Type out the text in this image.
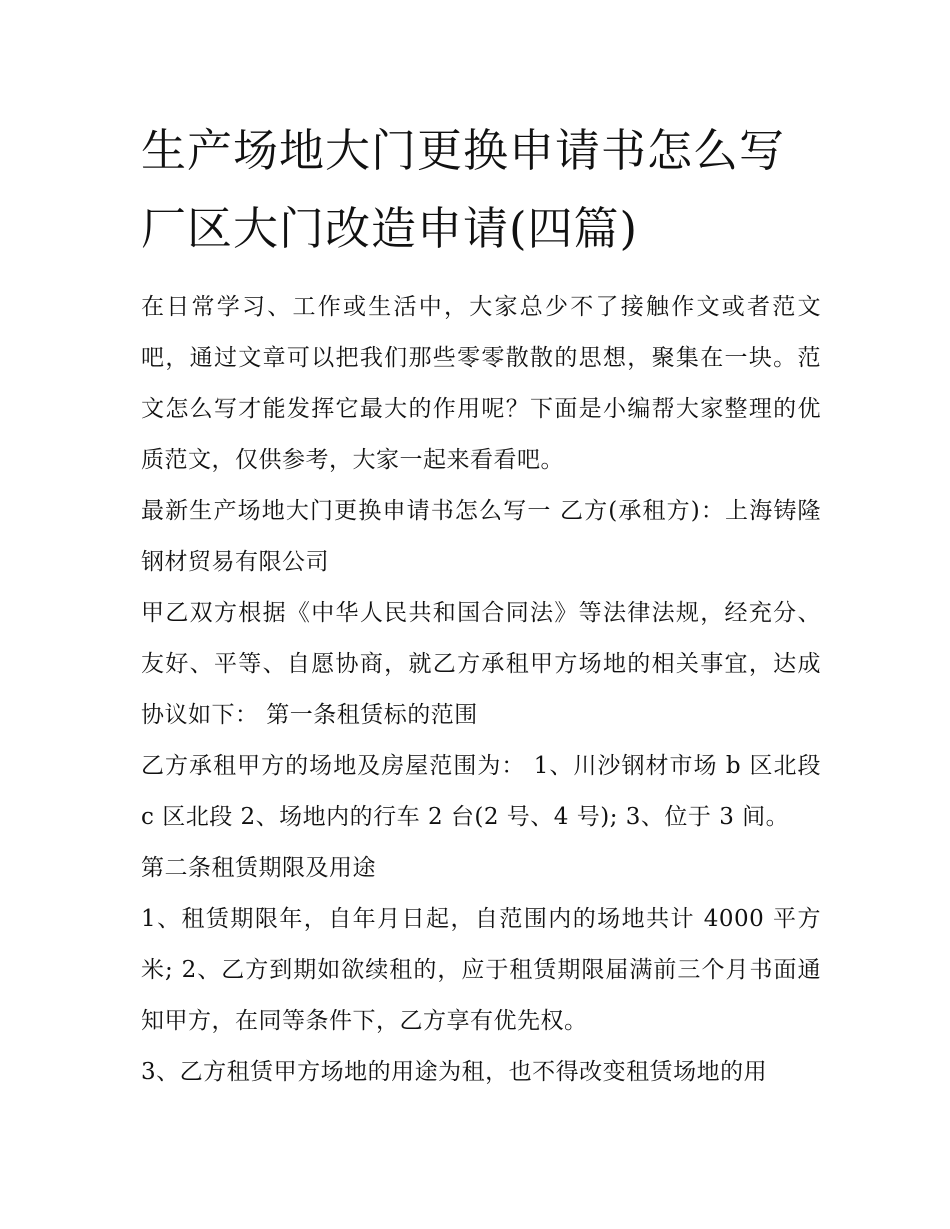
生产场地大门更换申请书怎么写 厂区大门改造申请(四篇)

在日常学习、工作或生活中，大家总少不了接触作文或者范文吧，通过文章可以把我们那些零零散散的思想，聚集在一块。范文怎么写才能发挥它最大的作用呢？下面是小编帮大家整理的优质范文，仅供参考，大家一起来看看吧。

最新生产场地大门更换申请书怎么写一 乙方(承租方)：上海铸隆钢材贸易有限公司

甲乙双方根据《中华人民共和国合同法》等法律法规，经充分、友好、平等、自愿协商，就乙方承租甲方场地的相关事宜，达成协议如下： 第一条租赁标的范围

乙方承租甲方的场地及房屋范围为： 1、川沙钢材市场 b 区北段 c 区北段 2、场地内的行车 2 台(2 号、4 号); 3、位于 3 间。

第二条租赁期限及用途

1、租赁期限年，自年月日起，自范围内的场地共计 4000 平方米; 2、乙方到期如欲续租的，应于租赁期限届满前三个月书面通知甲方，在同等条件下，乙方享有优先权。

3、乙方租赁甲方场地的用途为租，也不得改变租赁场地的用
